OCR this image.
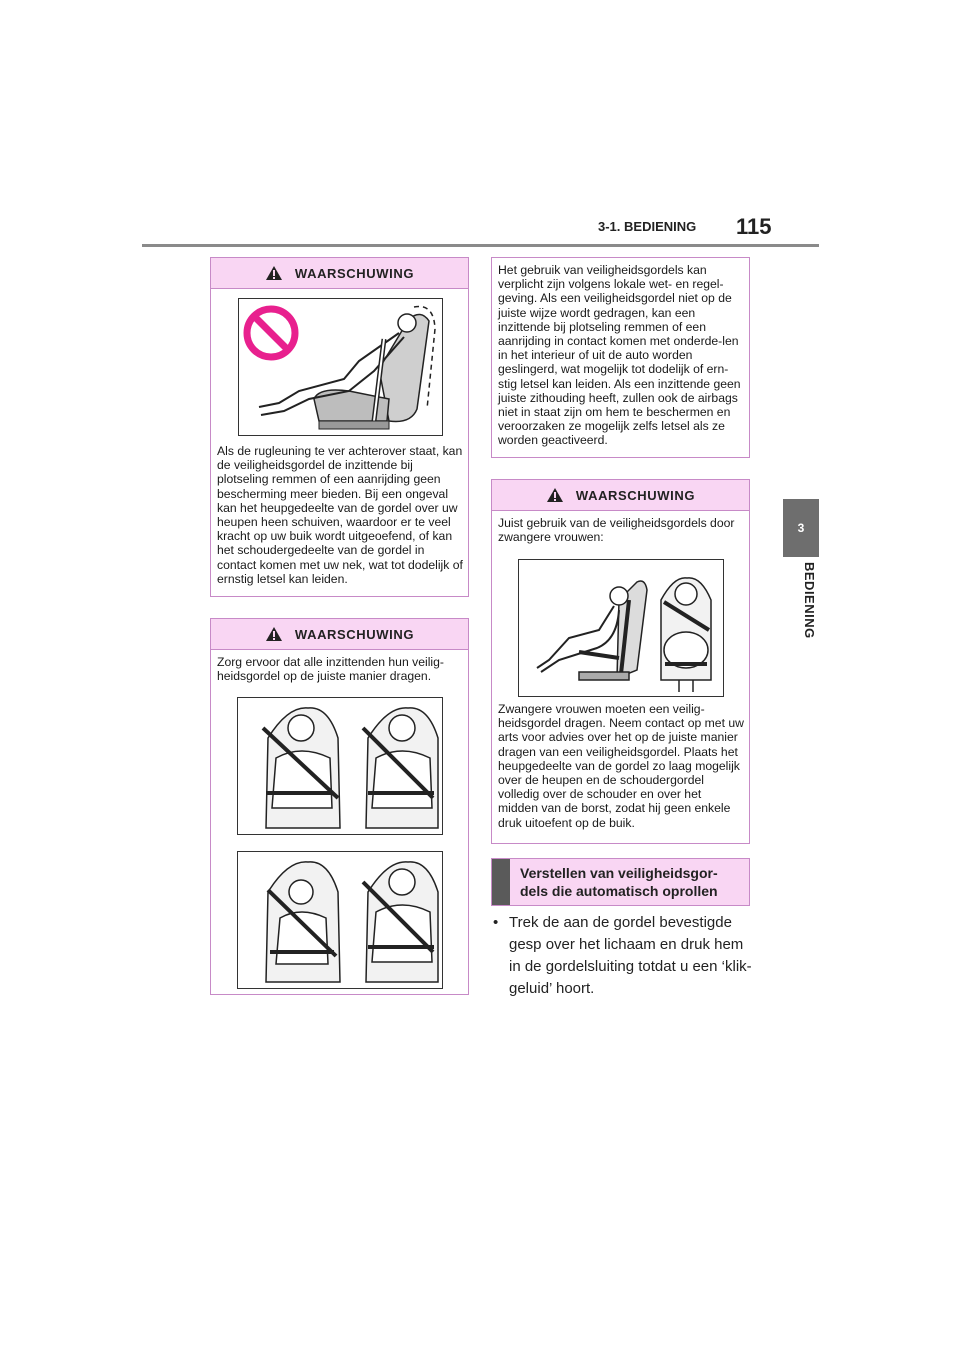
3-1. BEDIENING 115
3
BEDIENING
WAARSCHUWING
Als de rugleuning te ver achterover staat, kan de veiligheidsgordel de inzittende bij plotseling remmen of een aanrijding geen bescherming meer bieden. Bij een ongeval kan het heupgedeelte van de gordel over uw heupen heen schuiven, waardoor er te veel kracht op uw buik wordt uitgeoefend, of kan het schoudergedeelte van de gordel in contact komen met uw nek, wat tot dodelijk of ernstig letsel kan leiden.
WAARSCHUWING
Zorg ervoor dat alle inzittenden hun veilig-heidsgordel op de juiste manier dragen.
Het gebruik van veiligheidsgordels kan verplicht zijn volgens lokale wet- en regel-geving. Als een veiligheidsgordel niet op de juiste wijze wordt gedragen, kan een inzittende bij plotseling remmen of een aanrijding in contact komen met onderde-len in het interieur of uit de auto worden geslingerd, wat mogelijk tot dodelijk of ern-stig letsel kan leiden. Als een inzittende geen juiste zithouding heeft, zullen ook de airbags niet in staat zijn om hem te beschermen en veroorzaken ze mogelijk zelfs letsel als ze worden geactiveerd.
WAARSCHUWING
Juist gebruik van de veiligheidsgordels door zwangere vrouwen:
Zwangere vrouwen moeten een veilig-heidsgordel dragen. Neem contact op met uw arts voor advies over het op de juiste manier dragen van een veiligheidsgordel. Plaats het heupgedeelte van de gordel zo laag mogelijk over de heupen en de schoudergordel volledig over de schouder en over het midden van de borst, zodat hij geen enkele druk uitoefent op de buik.
Verstellen van veiligheidsgor-dels die automatisch oprollen
• Trek de aan de gordel bevestigde gesp over het lichaam en druk hem in de gordelsluiting totdat u een ‘klik-geluid’ hoort.
